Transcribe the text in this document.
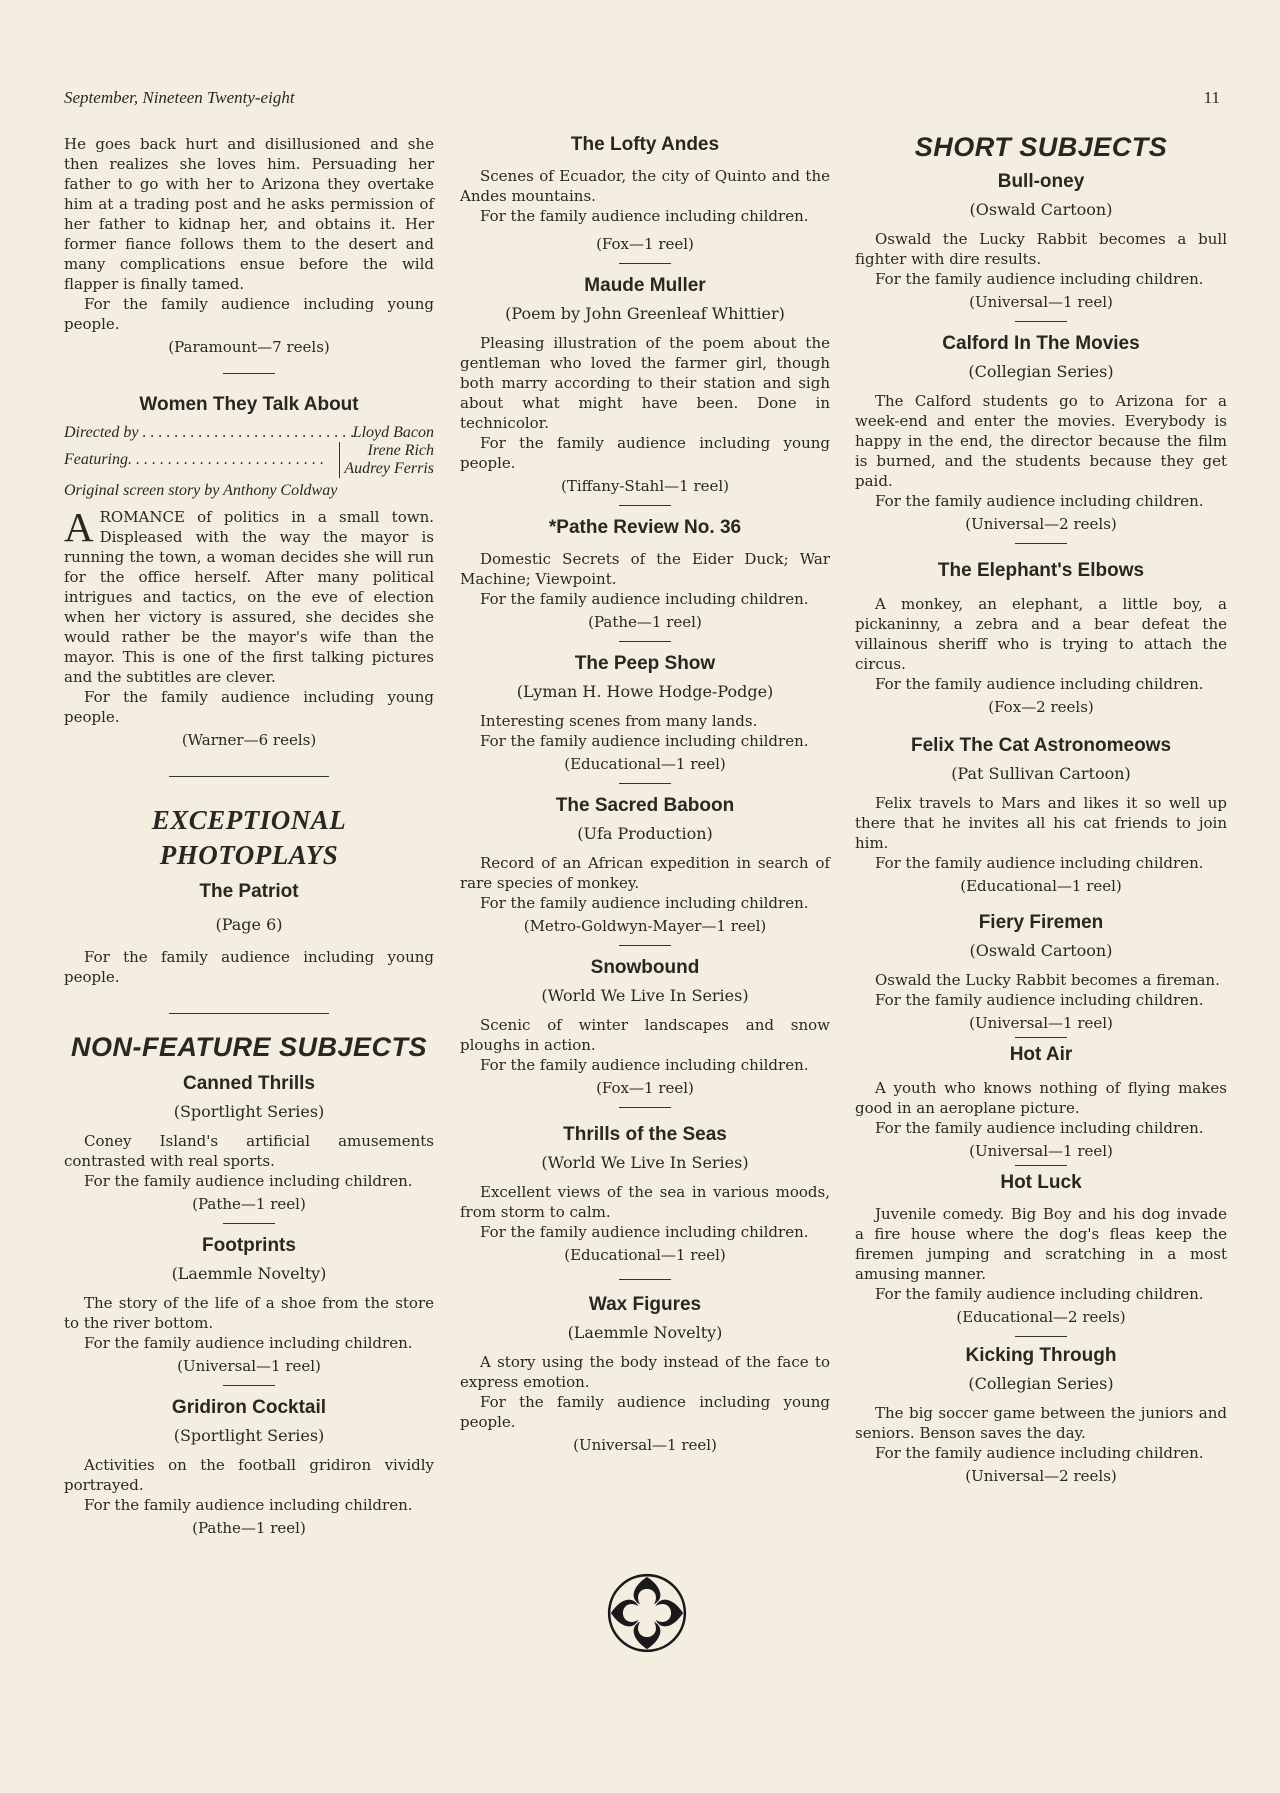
September, Nineteen Twenty-eight	11

He goes back hurt and disillusioned and she then realizes she loves him. Persuading her father to go with her to Arizona they overtake him at a trading post and he asks permission of her father to kidnap her, and obtains it. Her former fiance follows them to the desert and many complications ensue before the wild flapper is finally tamed.

For the family audience including young people.

(Paramount—7 reels)

Women They Talk About
Directed by . . .	Lloyd Bacon
Featuring . . .
Irene Rich
Audrey Ferris

Original screen story by Anthony Coldway

AROMANCE of politics in a small town. Displeased with the way the mayor is running the town, a woman decides she will run for the office herself. After many political intrigues and tactics, on the eve of election when her victory is assured, she decides she would rather be the mayor's wife than the mayor. This is one of the first talking pictures and the subtitles are clever.

For the family audience including young people.

(Warner—6 reels)

EXCEPTIONAL PHOTOPLAYS
The Patriot

(Page 6)

For the family audience including young people.

NON-FEATURE SUBJECTS
Canned Thrills

(Sportlight Series)

Coney Island's artificial amusements contrasted with real sports.

For the family audience including children.

(Pathe—1 reel)

Footprints

(Laemmle Novelty)

The story of the life of a shoe from the store to the river bottom.

For the family audience including children.

(Universal—1 reel)

Gridiron Cocktail

(Sportlight Series)

Activities on the football gridiron vividly portrayed.

For the family audience including children.

(Pathe—1 reel)

The Lofty Andes

Scenes of Ecuador, the city of Quinto and the Andes mountains.

For the family audience including children.

(Fox—1 reel)

Maude Muller

(Poem by John Greenleaf Whittier)

Pleasing illustration of the poem about the gentleman who loved the farmer girl, though both marry according to their station and sigh about what might have been. Done in technicolor.

For the family audience including young people.

(Tiffany-Stahl—1 reel)

*Pathe Review No. 36

Domestic Secrets of the Eider Duck; War Machine; Viewpoint.

For the family audience including children.

(Pathe—1 reel)

The Peep Show

(Lyman H. Howe Hodge-Podge)

Interesting scenes from many lands.

For the family audience including children.

(Educational—1 reel)

The Sacred Baboon

(Ufa Production)

Record of an African expedition in search of rare species of monkey.

For the family audience including children.

(Metro-Goldwyn-Mayer—1 reel)

Snowbound

(World We Live In Series)

Scenic of winter landscapes and snow ploughs in action.

For the family audience including children.

(Fox—1 reel)

Thrills of the Seas

(World We Live In Series)

Excellent views of the sea in various moods, from storm to calm.

For the family audience including children.

(Educational—1 reel)

Wax Figures

(Laemmle Novelty)

A story using the body instead of the face to express emotion.

For the family audience including young people.

(Universal—1 reel)

SHORT SUBJECTS
Bull-oney

(Oswald Cartoon)

Oswald the Lucky Rabbit becomes a bull fighter with dire results.

For the family audience including children.

(Universal—1 reel)

Calford In The Movies

(Collegian Series)

The Calford students go to Arizona for a week-end and enter the movies. Everybody is happy in the end, the director because the film is burned, and the students because they get paid.

For the family audience including children.

(Universal—2 reels)

The Elephant's Elbows

A monkey, an elephant, a little boy, a pickaninny, a zebra and a bear defeat the villainous sheriff who is trying to attach the circus.

For the family audience including children.

(Fox—2 reels)

Felix The Cat Astronomeows

(Pat Sullivan Cartoon)

Felix travels to Mars and likes it so well up there that he invites all his cat friends to join him.

For the family audience including children.

(Educational—1 reel)

Fiery Firemen

(Oswald Cartoon)

Oswald the Lucky Rabbit becomes a fireman.

For the family audience including children.

(Universal—1 reel)

Hot Air

A youth who knows nothing of flying makes good in an aeroplane picture.

For the family audience including children.

(Universal—1 reel)

Hot Luck

Juvenile comedy. Big Boy and his dog invade a fire house where the dog's fleas keep the firemen jumping and scratching in a most amusing manner.

For the family audience including children.

(Educational—2 reels)

Kicking Through

(Collegian Series)

The big soccer game between the juniors and seniors. Benson saves the day.

For the family audience including children.

(Universal—2 reels)
